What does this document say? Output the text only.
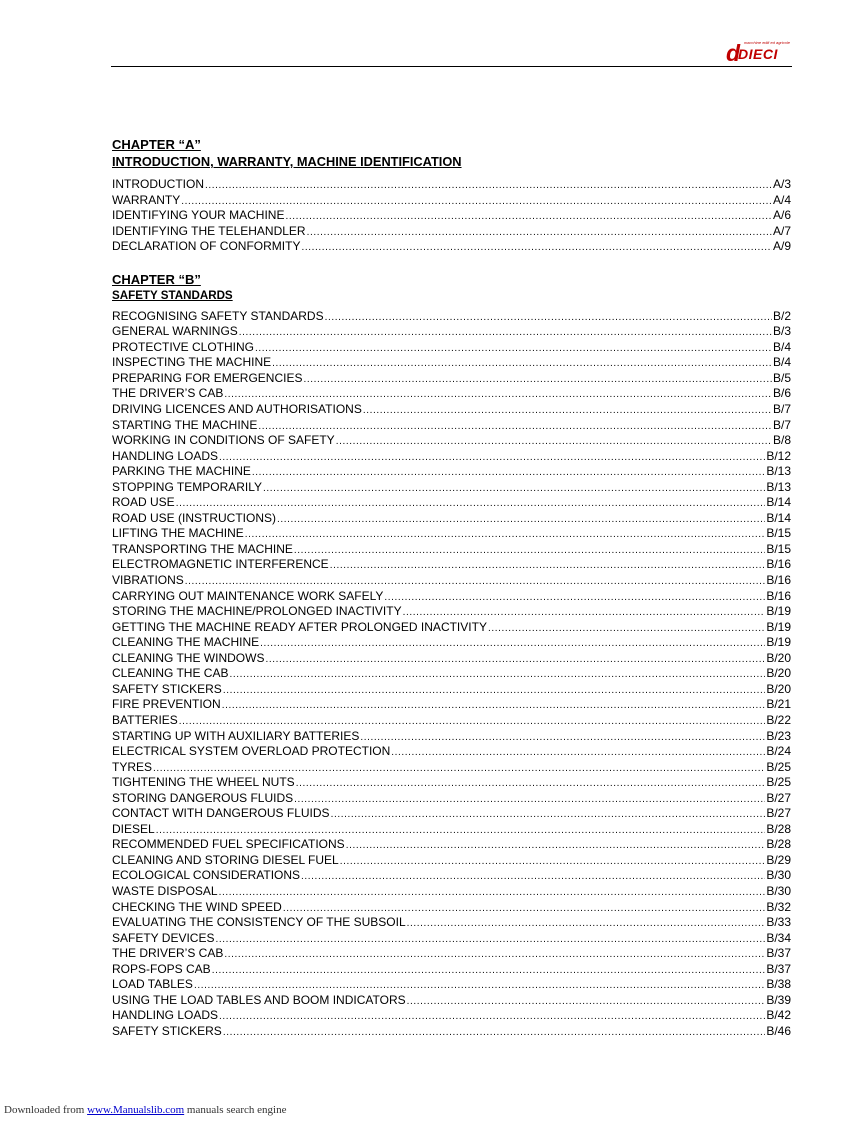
macchine edili ed agricole
d
DIECI
CHAPTER “A”
INTRODUCTION, WARRANTY, MACHINE IDENTIFICATION
INTRODUCTION .....	A/3
WARRANTY .....	A/4
IDENTIFYING YOUR MACHINE .....	A/6
IDENTIFYING THE TELEHANDLER .....	A/7
DECLARATION OF CONFORMITY .....	A/9
CHAPTER “B”
SAFETY STANDARDS
RECOGNISING SAFETY STANDARDS .....	B/2
GENERAL WARNINGS .....	B/3
PROTECTIVE CLOTHING .....	B/4
INSPECTING THE MACHINE .....	B/4
PREPARING FOR EMERGENCIES .....	B/5
THE DRIVER’S CAB .....	B/6
DRIVING LICENCES AND AUTHORISATIONS .....	B/7
STARTING THE MACHINE .....	B/7
WORKING IN CONDITIONS OF SAFETY .....	B/8
HANDLING LOADS .....	B/12
PARKING THE MACHINE .....	B/13
STOPPING TEMPORARILY .....	B/13
ROAD USE .....	B/14
ROAD USE (INSTRUCTIONS) .....	B/14
LIFTING THE MACHINE .....	B/15
TRANSPORTING THE MACHINE .....	B/15
ELECTROMAGNETIC INTERFERENCE .....	B/16
VIBRATIONS .....	B/16
CARRYING OUT MAINTENANCE WORK SAFELY .....	B/16
STORING THE MACHINE/PROLONGED INACTIVITY .....	B/19
GETTING THE MACHINE READY AFTER PROLONGED INACTIVITY .....	B/19
CLEANING THE MACHINE .....	B/19
CLEANING THE WINDOWS .....	B/20
CLEANING THE CAB .....	B/20
SAFETY STICKERS .....	B/20
FIRE PREVENTION .....	B/21
BATTERIES .....	B/22
STARTING UP WITH AUXILIARY BATTERIES .....	B/23
ELECTRICAL SYSTEM OVERLOAD PROTECTION .....	B/24
TYRES .....	B/25
TIGHTENING THE WHEEL NUTS .....	B/25
STORING DANGEROUS FLUIDS .....	B/27
CONTACT WITH DANGEROUS FLUIDS .....	B/27
DIESEL .....	B/28
RECOMMENDED FUEL SPECIFICATIONS .....	B/28
CLEANING AND STORING DIESEL FUEL .....	B/29
ECOLOGICAL CONSIDERATIONS .....	B/30
WASTE DISPOSAL .....	B/30
CHECKING THE WIND SPEED .....	B/32
EVALUATING THE CONSISTENCY OF THE SUBSOIL .....	B/33
SAFETY DEVICES .....	B/34
THE DRIVER’S CAB .....	B/37
ROPS-FOPS CAB .....	B/37
LOAD TABLES .....	B/38
USING THE LOAD TABLES AND BOOM INDICATORS .....	B/39
HANDLING LOADS .....	B/42
SAFETY STICKERS .....	B/46
Downloaded from www.Manualslib.com manuals search engine
